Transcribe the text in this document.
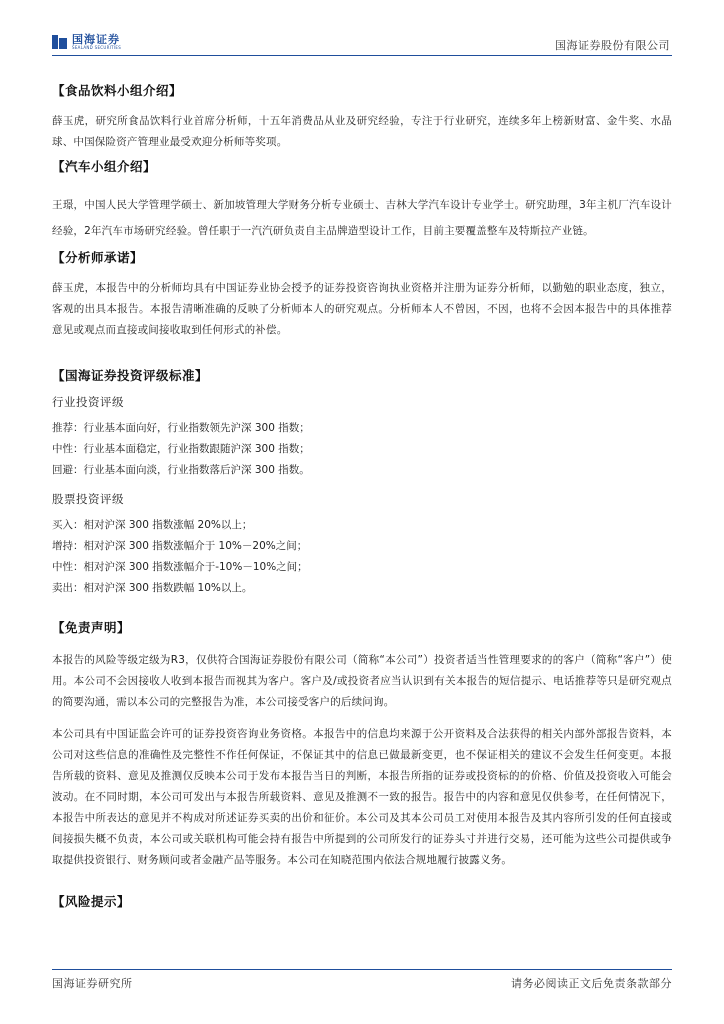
国海证券
SEALAND SECURITIES	国海证券股份有限公司
【食品饮料小组介绍】
薛玉虎，研究所食品饮料行业首席分析师，十五年消费品从业及研究经验，专注于行业研究，连续多年上榜新财富、金牛奖、水晶球、中国保险资产管理业最受欢迎分析师等奖项。
【汽车小组介绍】
王璟，中国人民大学管理学硕士、新加坡管理大学财务分析专业硕士、吉林大学汽车设计专业学士。研究助理，3年主机厂汽车设计经验，2年汽车市场研究经验。曾任职于一汽汽研负责自主品牌造型设计工作，目前主要覆盖整车及特斯拉产业链。
【分析师承诺】
薛玉虎，本报告中的分析师均具有中国证券业协会授予的证券投资咨询执业资格并注册为证券分析师，以勤勉的职业态度，独立，客观的出具本报告。本报告清晰准确的反映了分析师本人的研究观点。分析师本人不曾因，不因，也将不会因本报告中的具体推荐意见或观点而直接或间接收取到任何形式的补偿。
【国海证券投资评级标准】
行业投资评级
推荐：行业基本面向好，行业指数领先沪深 300 指数；
中性：行业基本面稳定，行业指数跟随沪深 300 指数；
回避：行业基本面向淡，行业指数落后沪深 300 指数。
股票投资评级
买入：相对沪深 300 指数涨幅 20%以上；
增持：相对沪深 300 指数涨幅介于 10%－20%之间；
中性：相对沪深 300 指数涨幅介于-10%－10%之间；
卖出：相对沪深 300 指数跌幅 10%以上。
【免责声明】
本报告的风险等级定级为R3，仅供符合国海证券股份有限公司（简称“本公司”）投资者适当性管理要求的的客户（简称“客户”）使用。本公司不会因接收人收到本报告而视其为客户。客户及/或投资者应当认识到有关本报告的短信提示、电话推荐等只是研究观点的简要沟通，需以本公司的完整报告为准，本公司接受客户的后续问询。
本公司具有中国证监会许可的证券投资咨询业务资格。本报告中的信息均来源于公开资料及合法获得的相关内部外部报告资料，本公司对这些信息的准确性及完整性不作任何保证，不保证其中的信息已做最新变更，也不保证相关的建议不会发生任何变更。本报告所载的资料、意见及推测仅反映本公司于发布本报告当日的判断，本报告所指的证券或投资标的的价格、价值及投资收入可能会波动。在不同时期，本公司可发出与本报告所载资料、意见及推测不一致的报告。报告中的内容和意见仅供参考，在任何情况下，本报告中所表达的意见并不构成对所述证券买卖的出价和征价。本公司及其本公司员工对使用本报告及其内容所引发的任何直接或间接损失概不负责，本公司或关联机构可能会持有报告中所提到的公司所发行的证券头寸并进行交易，还可能为这些公司提供或争取提供投资银行、财务顾问或者金融产品等服务。本公司在知晓范围内依法合规地履行披露义务。
【风险提示】
国海证券研究所	请务必阅读正文后免责条款部分
